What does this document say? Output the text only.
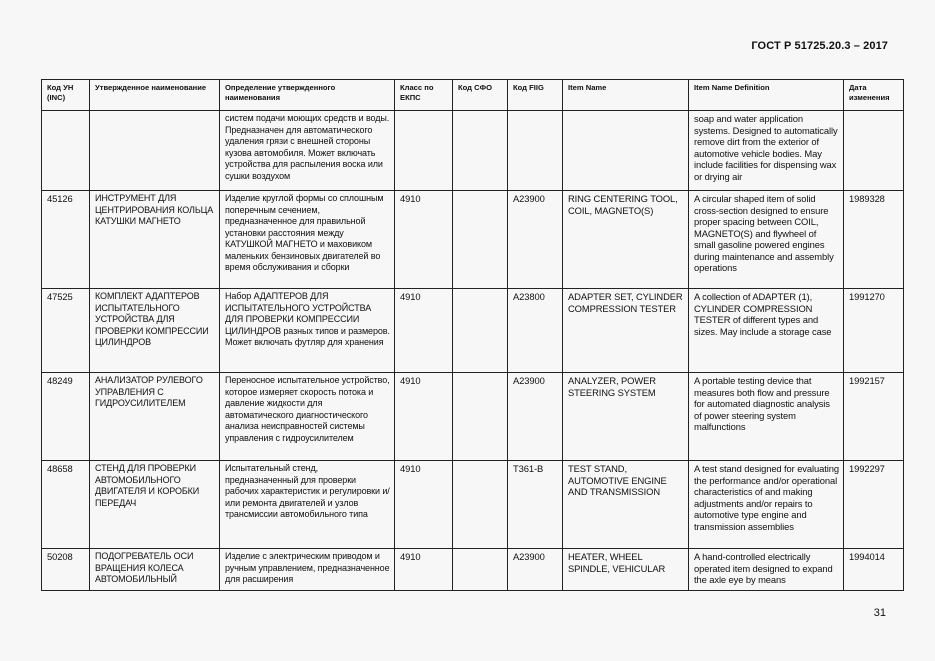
ГОСТ Р 51725.20.3 – 2017
Код УН (INC)	Утвержденное наименование	Определение утвержденного наименования	Класс по ЕКПС	Код СФО	Код FIIG	Item Name	Item Name Definition	Дата изменения
		систем подачи моющих средств и воды. Предназначен для автоматического удаления грязи с внешней стороны кузова автомобиля. Может включать устройства для распыления воска или сушки воздухом					soap and water application systems. Designed to automatically remove dirt from the exterior of automotive vehicle bodies. May include facilities for dispensing wax or drying air	
45126	ИНСТРУМЕНТ ДЛЯ ЦЕНТРИРОВАНИЯ КОЛЬЦА КАТУШКИ МАГНЕТО	Изделие круглой формы со сплошным поперечным сечением, предназначенное для правильной установки расстояния между КАТУШКОЙ МАГНЕТО и маховиком маленьких бензиновых двигателей во время обслуживания и сборки	4910		A23900	RING CENTERING TOOL, COIL, MAGNETO(S)	A circular shaped item of solid cross-section designed to ensure proper spacing between COIL, MAGNETO(S) and flywheel of small gasoline powered engines during maintenance and assembly operations	1989328
47525	КОМПЛЕКТ АДАПТЕРОВ ИСПЫТАТЕЛЬНОГО УСТРОЙСТВА ДЛЯ ПРОВЕРКИ КОМПРЕССИИ ЦИЛИНДРОВ	Набор АДАПТЕРОВ ДЛЯ ИСПЫТАТЕЛЬНОГО УСТРОЙСТВА ДЛЯ ПРОВЕРКИ КОМПРЕССИИ ЦИЛИНДРОВ разных типов и размеров. Может включать футляр для хранения	4910		A23800	ADAPTER SET, CYLINDER COMPRESSION TESTER	A collection of ADAPTER (1), CYLINDER COMPRESSION TESTER of different types and sizes. May include a storage case	1991270
48249	АНАЛИЗАТОР РУЛЕВОГО УПРАВЛЕНИЯ С ГИДРОУСИЛИТЕЛЕМ	Переносное испытательное устройство, которое измеряет скорость потока и давление жидкости для автоматического диагностического анализа неисправностей системы управления с гидроусилителем	4910		A23900	ANALYZER, POWER STEERING SYSTEM	A portable testing device that measures both flow and pressure for automated diagnostic analysis of power steering system malfunctions	1992157
48658	СТЕНД ДЛЯ ПРОВЕРКИ АВТОМОБИЛЬНОГО ДВИГАТЕЛЯ И КОРОБКИ ПЕРЕДАЧ	Испытательный стенд, предназначенный для проверки рабочих характеристик и регулировки и/или ремонта двигателей и узлов трансмиссии автомобильного типа	4910		T361-B	TEST STAND, AUTOMOTIVE ENGINE AND TRANSMISSION	A test stand designed for evaluating the performance and/or operational characteristics of and making adjustments and/or repairs to automotive type engine and transmission assemblies	1992297
50208	ПОДОГРЕВАТЕЛЬ ОСИ ВРАЩЕНИЯ КОЛЕСА АВТОМОБИЛЬНЫЙ	Изделие с электрическим приводом и ручным управлением, предназначенное для расширения	4910		A23900	HEATER, WHEEL SPINDLE, VEHICULAR	A hand-controlled electrically operated item designed to expand the axle eye by means	1994014
31
